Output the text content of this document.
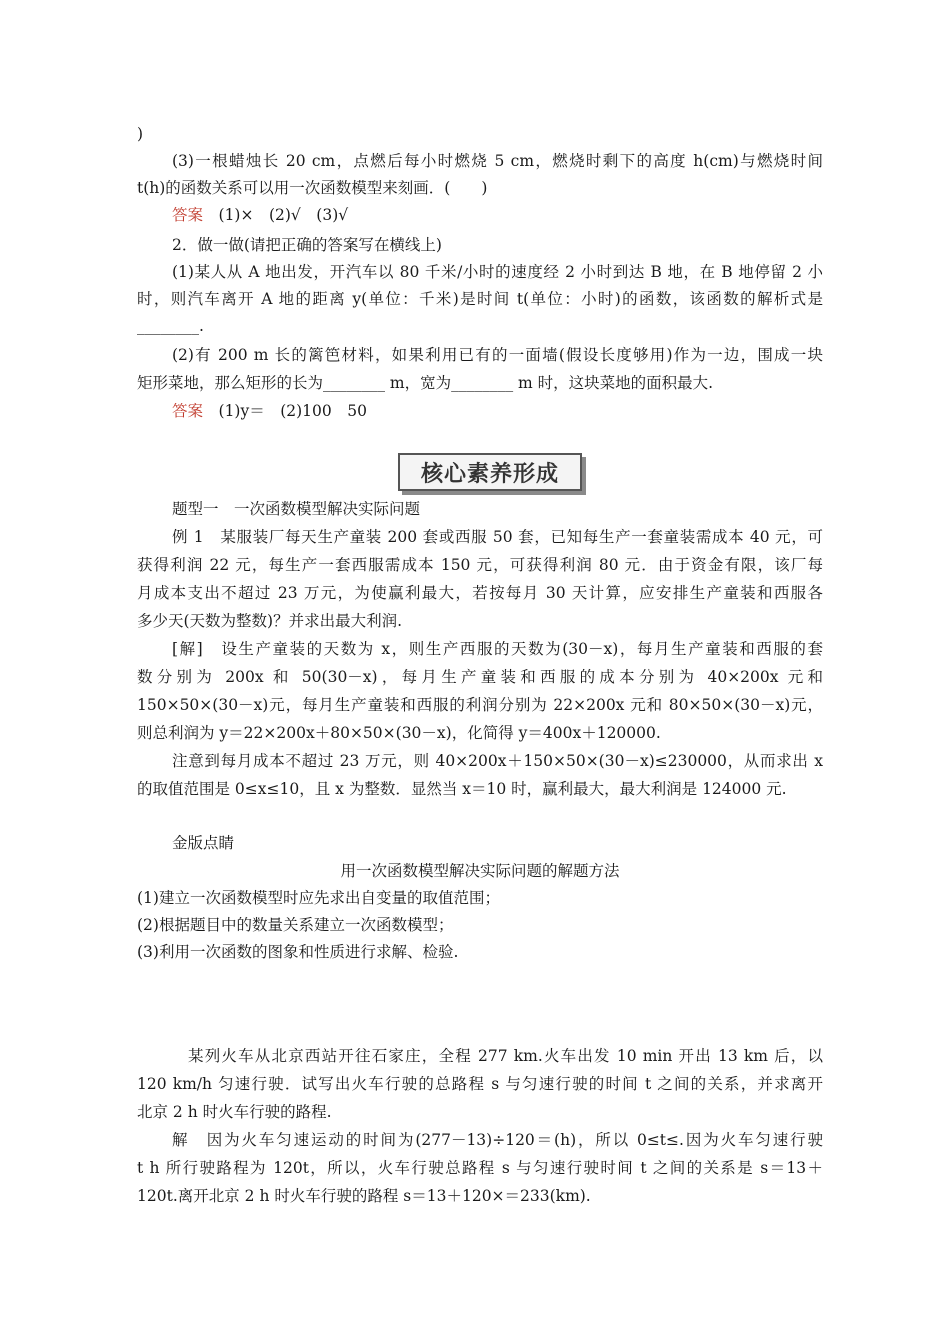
)
(3)一根蜡烛长 20 cm，点燃后每小时燃烧 5 cm，燃烧时剩下的高度 h(cm)与燃烧时间
t(h)的函数关系可以用一次函数模型来刻画．(　　)
答案　(1)×　(2)√　(3)√
2．做一做(请把正确的答案写在横线上)
(1)某人从 A 地出发，开汽车以 80 千米/小时的速度经 2 小时到达 B 地，在 B 地停留 2 小
时，则汽车离开 A 地的距离 y(单位：千米)是时间 t(单位：小时)的函数，该函数的解析式是
________.
(2)有 200 m 长的篱笆材料，如果利用已有的一面墙(假设长度够用)作为一边，围成一块
矩形菜地，那么矩形的长为________ m，宽为________ m 时，这块菜地的面积最大.
答案　(1)y＝　(2)100　50
核心素养形成
题型一　一次函数模型解决实际问题
例 1　某服装厂每天生产童装 200 套或西服 50 套，已知每生产一套童装需成本 40 元，可
获得利润 22 元，每生产一套西服需成本 150 元，可获得利润 80 元．由于资金有限，该厂每
月成本支出不超过 23 万元，为使赢利最大，若按每月 30 天计算，应安排生产童装和西服各
多少天(天数为整数)？并求出最大利润.
[解]　设生产童装的天数为 x，则生产西服的天数为(30－x)，每月生产童装和西服的套
数分别为 200x 和 50(30－x)，每月生产童装和西服的成本分别为 40×200x 元和
150×50×(30－x)元，每月生产童装和西服的利润分别为 22×200x 元和 80×50×(30－x)元，
则总利润为 y＝22×200x＋80×50×(30－x)，化简得 y＝400x＋120000.
注意到每月成本不超过 23 万元，则 40×200x＋150×50×(30－x)≤230000，从而求出 x
的取值范围是 0≤x≤10，且 x 为整数．显然当 x＝10 时，赢利最大，最大利润是 124000 元.
金版点睛
用一次函数模型解决实际问题的解题方法
(1)建立一次函数模型时应先求出自变量的取值范围；
(2)根据题目中的数量关系建立一次函数模型；
(3)利用一次函数的图象和性质进行求解、检验.
某列火车从北京西站开往石家庄，全程 277 km.火车出发 10 min 开出 13 km 后，以
120 km/h 匀速行驶．试写出火车行驶的总路程 s 与匀速行驶的时间 t 之间的关系，并求离开
北京 2 h 时火车行驶的路程.
解　因为火车匀速运动的时间为(277－13)÷120＝(h)，所以 0≤t≤.因为火车匀速行驶
t h 所行驶路程为 120t，所以，火车行驶总路程 s 与匀速行驶时间 t 之间的关系是 s＝13＋
120t.离开北京 2 h 时火车行驶的路程 s＝13＋120×＝233(km).
